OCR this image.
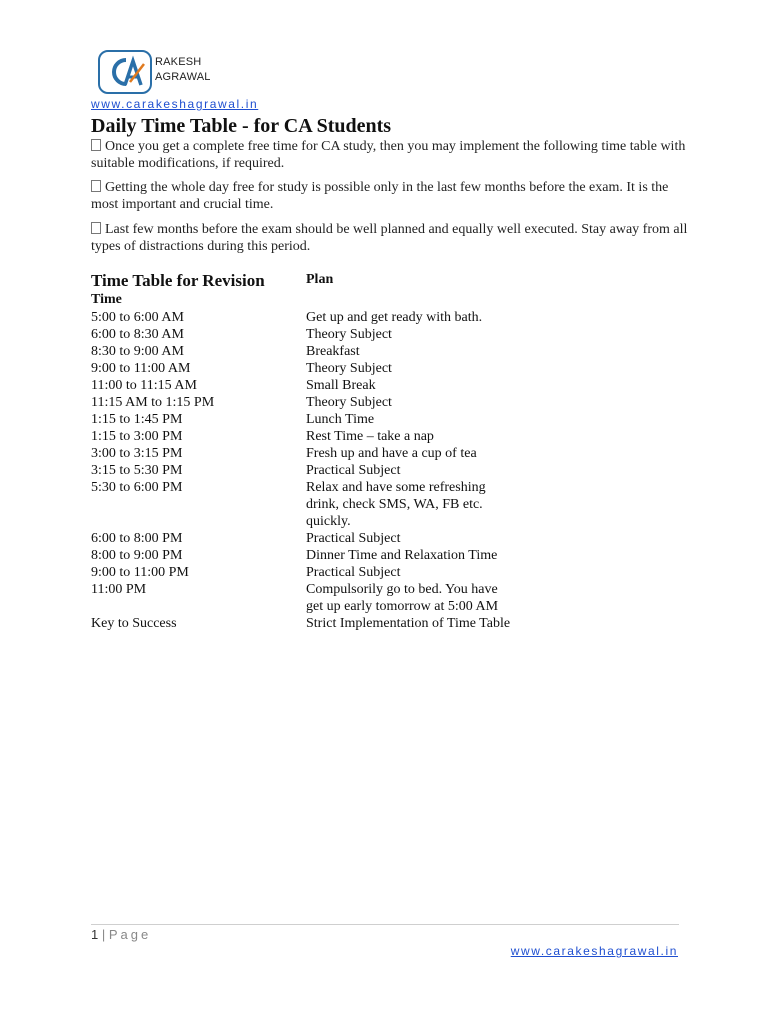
RAKESH
AGRAWAL
www.carakeshagrawal.in
Daily Time Table - for CA Students

Once you get a complete free time for CA study, then you may implement the following time table with suitable modifications, if required.

Getting the whole day free for study is possible only in the last few months before the exam. It is the most important and crucial time.

Last few months before the exam should be well planned and equally well executed. Stay away from all types of distractions during this period.

Time Table for Revision	Plan
Time
5:00 to 6:00 AM	Get up and get ready with bath.
6:00 to 8:30 AM	Theory Subject
8:30 to 9:00 AM	Breakfast
9:00 to 11:00 AM	Theory Subject
11:00 to 11:15 AM	Small Break
11:15 AM to 1:15 PM	Theory Subject
1:15 to 1:45 PM	Lunch Time
1:15 to 3:00 PM	Rest Time – take a nap
3:00 to 3:15 PM	Fresh up and have a cup of tea
3:15 to 5:30 PM	Practical Subject
5:30 to 6:00 PM	Relax and have some refreshing drink, check SMS, WA, FB etc. quickly.
6:00 to 8:00 PM	Practical Subject
8:00 to 9:00 PM	Dinner Time and Relaxation Time
9:00 to 11:00 PM	Practical Subject
11:00 PM	Compulsorily go to bed. You have get up early tomorrow at 5:00 AM
Key to Success	Strict Implementation of Time Table
1 | Page
www.carakeshagrawal.in
